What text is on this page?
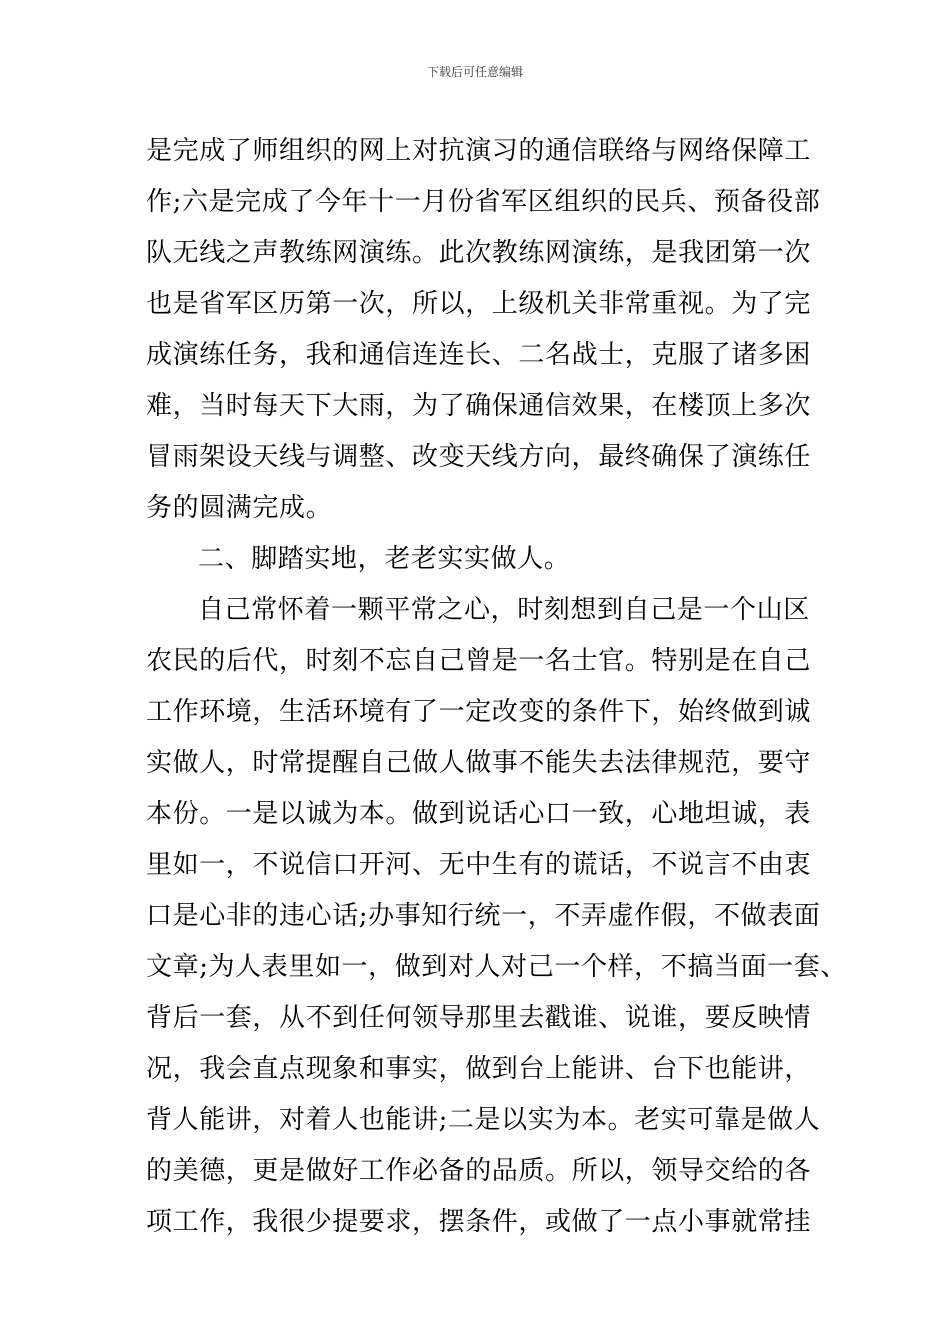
下载后可任意编辑
是完成了师组织的网上对抗演习的通信联络与网络保障工
作;六是完成了今年十一月份省军区组织的民兵、预备役部
队无线之声教练网演练。此次教练网演练，是我团第一次
也是省军区历第一次，所以，上级机关非常重视。为了完
成演练任务，我和通信连连长、二名战士，克服了诸多困
难，当时每天下大雨，为了确保通信效果，在楼顶上多次
冒雨架设天线与调整、改变天线方向，最终确保了演练任
务的圆满完成。
二、脚踏实地，老老实实做人。
自己常怀着一颗平常之心，时刻想到自己是一个山区
农民的后代，时刻不忘自己曾是一名士官。特别是在自己
工作环境，生活环境有了一定改变的条件下，始终做到诚
实做人，时常提醒自己做人做事不能失去法律规范，要守
本份。一是以诚为本。做到说话心口一致，心地坦诚，表
里如一，不说信口开河、无中生有的谎话，不说言不由衷
口是心非的违心话;办事知行统一，不弄虚作假，不做表面
文章;为人表里如一，做到对人对己一个样，不搞当面一套、
背后一套，从不到任何领导那里去戳谁、说谁，要反映情
况，我会直点现象和事实，做到台上能讲、台下也能讲，
背人能讲，对着人也能讲;二是以实为本。老实可靠是做人
的美德，更是做好工作必备的品质。所以，领导交给的各
项工作，我很少提要求，摆条件，或做了一点小事就常挂
